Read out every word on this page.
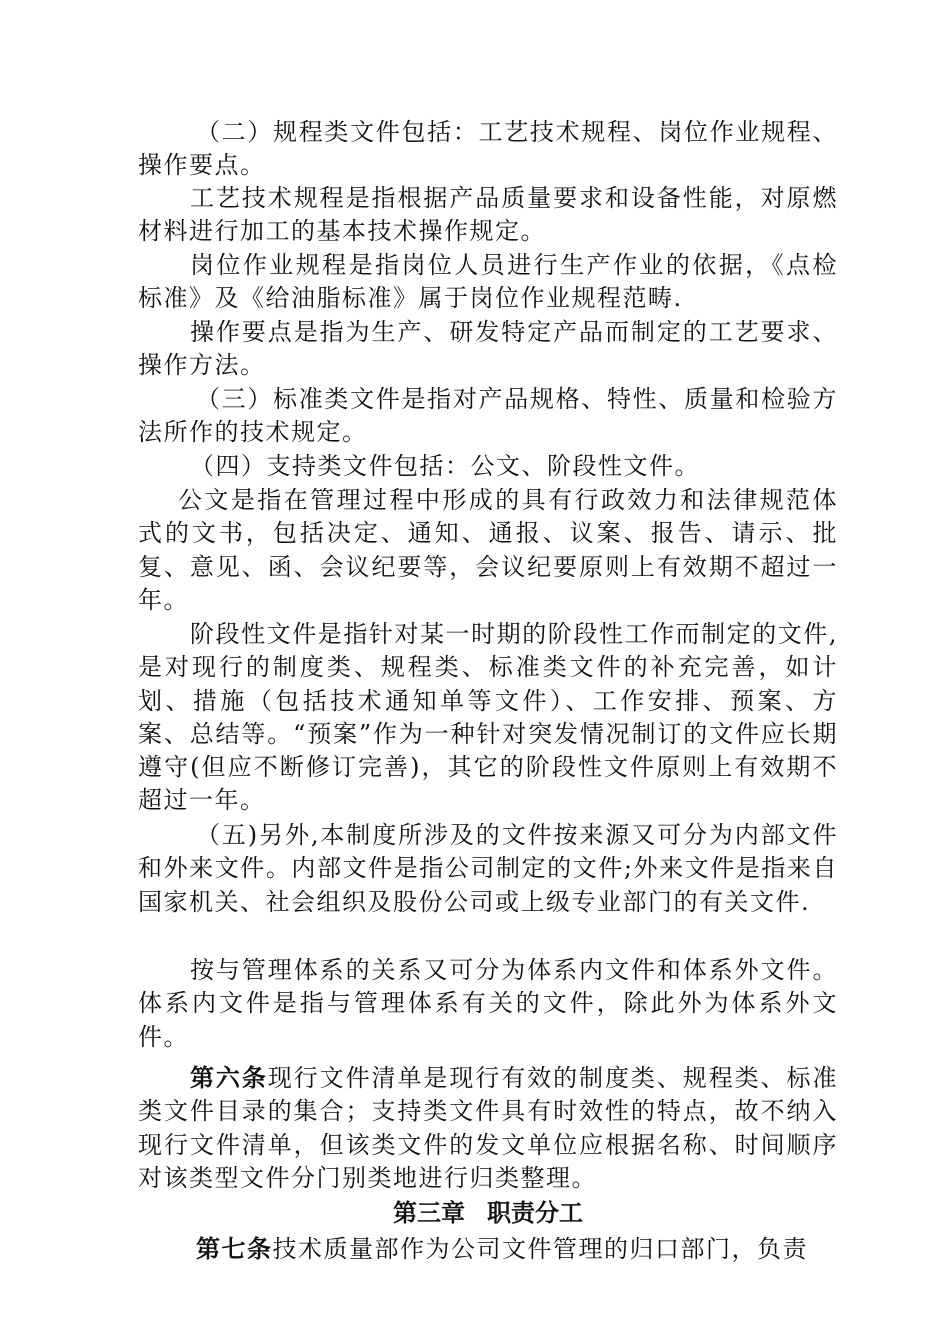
（二）规程类文件包括：工艺技术规程、岗位作业规程、操作要点。

工艺技术规程是指根据产品质量要求和设备性能，对原燃材料进行加工的基本技术操作规定。

岗位作业规程是指岗位人员进行生产作业的依据，《点检标准》及《给油脂标准》属于岗位作业规程范畴.

操作要点是指为生产、研发特定产品而制定的工艺要求、操作方法。

（三）标准类文件是指对产品规格、特性、质量和检验方法所作的技术规定。

（四）支持类文件包括：公文、阶段性文件。

公文是指在管理过程中形成的具有行政效力和法律规范体式的文书，包括决定、通知、通报、议案、报告、请示、批复、意见、函、会议纪要等，会议纪要原则上有效期不超过一年。

阶段性文件是指针对某一时期的阶段性工作而制定的文件,是对现行的制度类、规程类、标准类文件的补充完善，如计划、措施（包括技术通知单等文件）、工作安排、预案、方案、总结等。“预案”作为一种针对突发情况制订的文件应长期遵守(但应不断修订完善)，其它的阶段性文件原则上有效期不超过一年。

（五)另外,本制度所涉及的文件按来源又可分为内部文件和外来文件。内部文件是指公司制定的文件;外来文件是指来自国家机关、社会组织及股份公司或上级专业部门的有关文件.

按与管理体系的关系又可分为体系内文件和体系外文件。体系内文件是指与管理体系有关的文件，除此外为体系外文件。

第六条现行文件清单是现行有效的制度类、规程类、标准类文件目录的集合；支持类文件具有时效性的特点，故不纳入现行文件清单，但该类文件的发文单位应根据名称、时间顺序对该类型文件分门别类地进行归类整理。

第三章 职责分工

第七条技术质量部作为公司文件管理的归口部门，负责
